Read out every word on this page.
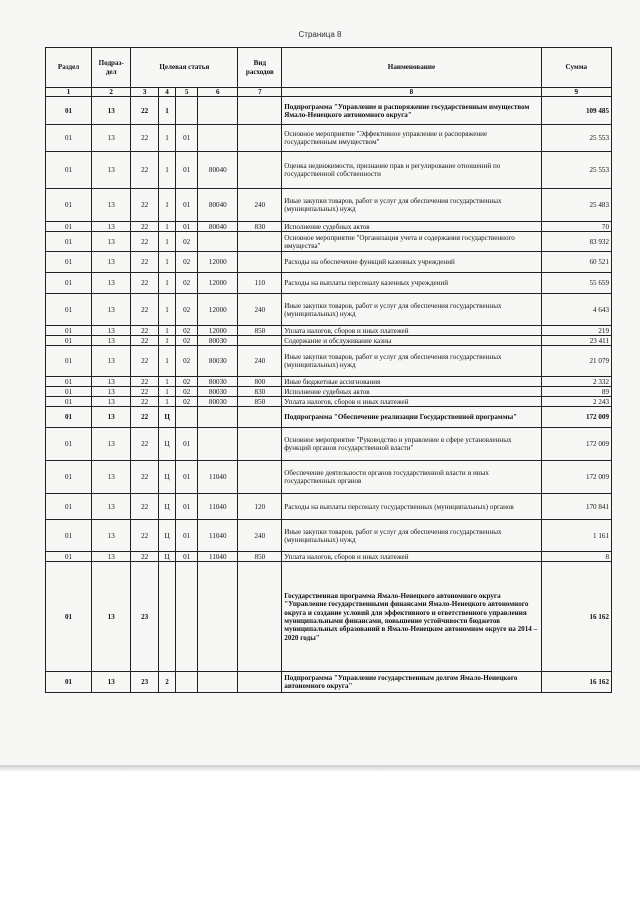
Страница 8
Раздел	Подраз-дел	Целевая статья				Вид расходов	Наименование	Сумма
1	2	3	4	5	6	7	8	9
01	13	22	1				Подпрограмма "Управление и распоряжение государственным имуществом Ямало-Ненецкого автономного округа"	109 485
01	13	22	1	01			Основное мероприятие "Эффективное управление и распоряжение государственным имуществом"	25 553
01	13	22	1	01	80040		Оценка недвижимости, признание прав и регулирование отношений по государственной собственности	25 553
01	13	22	1	01	80040	240	Иные закупки товаров, работ и услуг для обеспечения государственных (муниципальных) нужд	25 483
01	13	22	1	01	80040	830	Исполнение судебных актов	70
01	13	22	1	02			Основное мероприятие "Организация учета и содержания государственного имущества"	83 932
01	13	22	1	02	12000		Расходы на обеспечение функций казенных учреждений	60 521
01	13	22	1	02	12000	110	Расходы на выплаты персоналу казенных учреждений	55 659
01	13	22	1	02	12000	240	Иные закупки товаров, работ и услуг для обеспечения государственных (муниципальных) нужд	4 643
01	13	22	1	02	12000	850	Уплата налогов, сборов и иных платежей	219
01	13	22	1	02	80030		Содержание и обслуживание казны	23 411
01	13	22	1	02	80030	240	Иные закупки товаров, работ и услуг для обеспечения государственных (муниципальных) нужд	21 079
01	13	22	1	02	80030	800	Иные бюджетные ассигнования	2 332
01	13	22	1	02	80030	830	Исполнение судебных актов	89
01	13	22	1	02	80030	850	Уплата налогов, сборов и иных платежей	2 243
01	13	22	Ц				Подпрограмма "Обеспечение реализации Государственной программы"	172 009
01	13	22	Ц	01			Основное мероприятие "Руководство и управление в сфере установленных функций органов государственной власти"	172 009
01	13	22	Ц	01	11040		Обеспечение деятельности органов государственной власти и иных государственных органов	172 009
01	13	22	Ц	01	11040	120	Расходы на выплаты персоналу государственных (муниципальных) органов	170 841
01	13	22	Ц	01	11040	240	Иные закупки товаров, работ и услуг для обеспечения государственных (муниципальных) нужд	1 161
01	13	22	Ц	01	11040	850	Уплата налогов, сборов и иных платежей	8
01	13	23					Государственная программа Ямало-Ненецкого автономного округа "Управление государственными финансами Ямало-Ненецкого автономного округа и создание условий для эффективного и ответственного управления муниципальными финансами, повышение устойчивости бюджетов муниципальных образований в Ямало-Ненецком автономном округе на 2014 – 2020 годы"	16 162
01	13	23	2				Подпрограмма "Управление государственным долгом Ямало-Ненецкого автономного округа"	16 162
